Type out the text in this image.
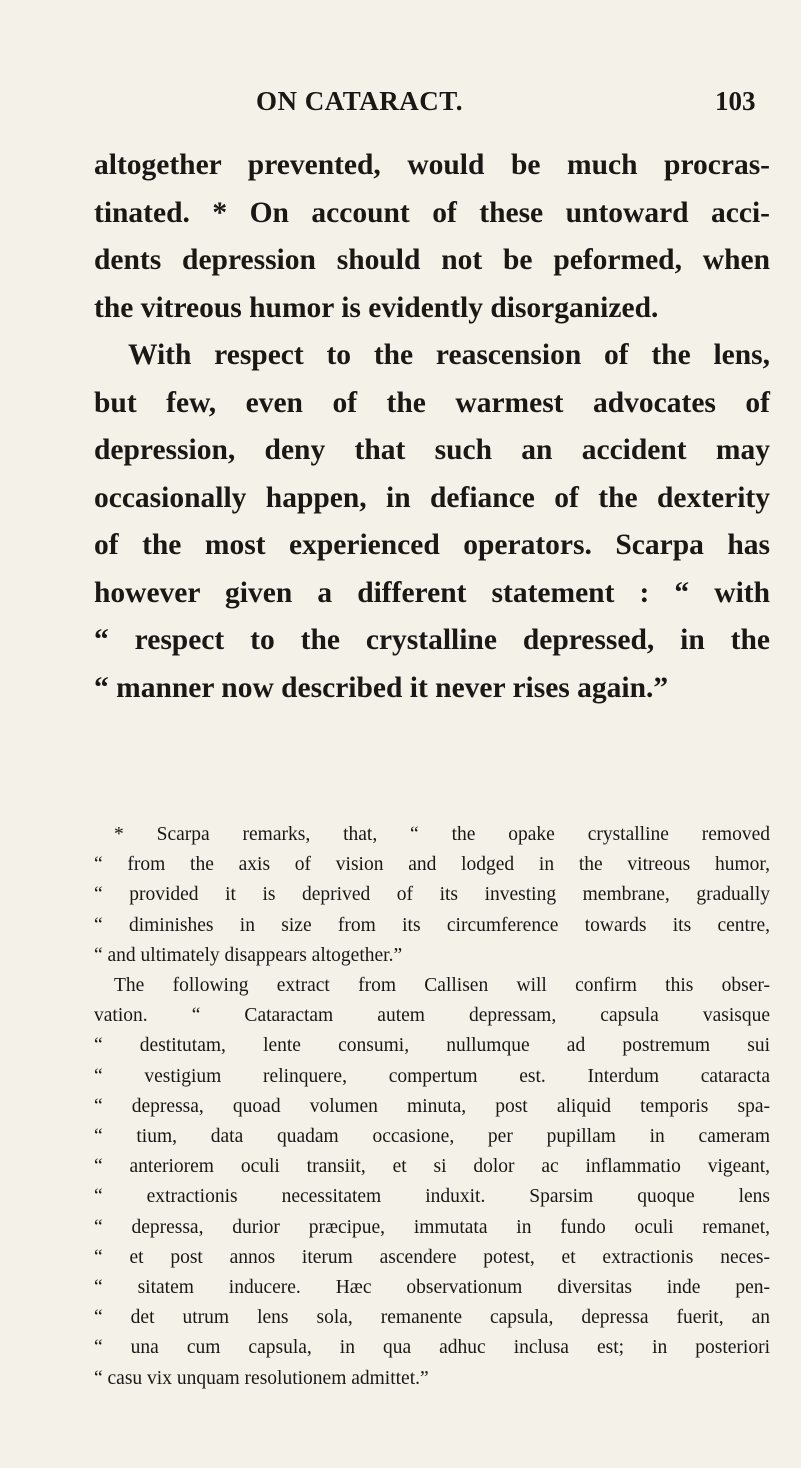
ON CATARACT.	103
altogether prevented, would be much procras-
tinated. * On account of these untoward acci-
dents depression should not be peformed, when
the vitreous humor is evidently disorganized.
With respect to the reascension of the lens,
but few, even of the warmest advocates of
depression, deny that such an accident may
occasionally happen, in defiance of the dexterity
of the most experienced operators. Scarpa has
however given a different statement : “ with
“ respect to the crystalline depressed, in the
“ manner now described it never rises again.”
* Scarpa remarks, that, “ the opake crystalline removed
“ from the axis of vision and lodged in the vitreous humor,
“ provided it is deprived of its investing membrane, gradually
“ diminishes in size from its circumference towards its centre,
“ and ultimately disappears altogether.”
The following extract from Callisen will confirm this obser-
vation. “ Cataractam autem depressam, capsula vasisque
“ destitutam, lente consumi, nullumque ad postremum sui
“ vestigium relinquere, compertum est. Interdum cataracta
“ depressa, quoad volumen minuta, post aliquid temporis spa-
“ tium, data quadam occasione, per pupillam in cameram
“ anteriorem oculi transiit, et si dolor ac inflammatio vigeant,
“ extractionis necessitatem induxit. Sparsim quoque lens
“ depressa, durior præcipue, immutata in fundo oculi remanet,
“ et post annos iterum ascendere potest, et extractionis neces-
“ sitatem inducere. Hæc observationum diversitas inde pen-
“ det utrum lens sola, remanente capsula, depressa fuerit, an
“ una cum capsula, in qua adhuc inclusa est; in posteriori
“ casu vix unquam resolutionem admittet.”
